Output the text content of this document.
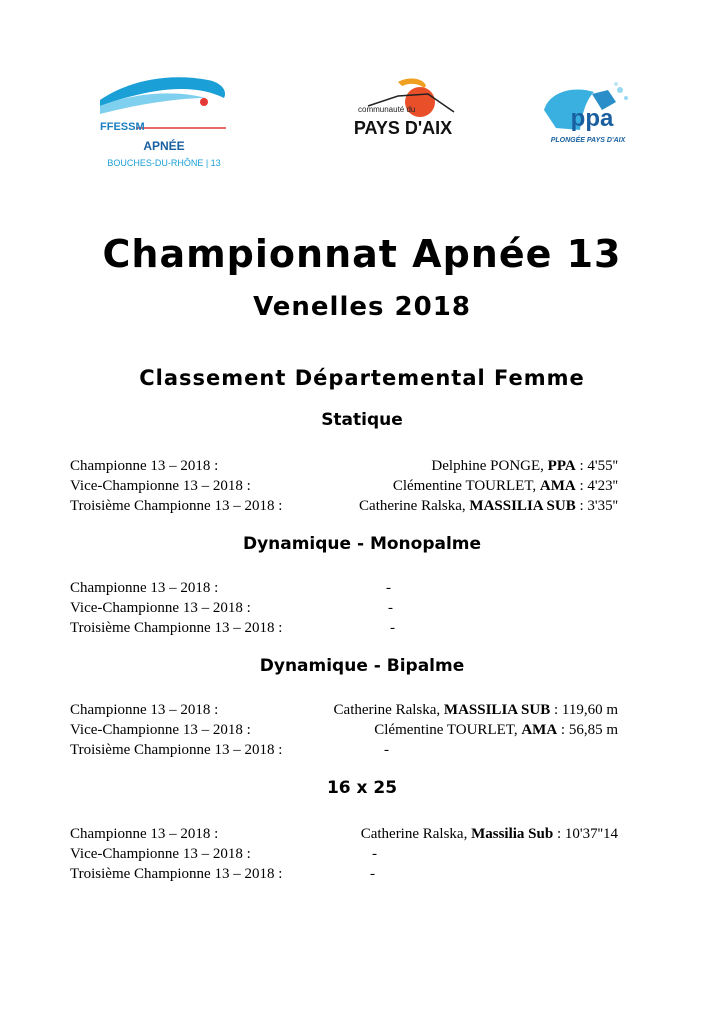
FFESSM
APNÉE
BOUCHES-DU-RHÔNE | 13
communauté du
PAYS D'AIX	ppa
PLONGÉE PAYS D'AIX
Championnat Apnée 13
Venelles 2018
Classement Départemental Femme
Statique
Championne 13 – 2018 :	Delphine PONGE, PPA : 4'55''
Vice-Championne 13 – 2018 :	Clémentine TOURLET, AMA : 4'23''
Troisième Championne 13 – 2018 :	Catherine Ralska, MASSILIA SUB : 3'35''
Dynamique - Monopalme
Championne 13 – 2018 :	-
Vice-Championne 13 – 2018 :	-
Troisième Championne 13 – 2018 :	-
Dynamique - Bipalme
Championne 13 – 2018 :	Catherine Ralska, MASSILIA SUB : 119,60 m
Vice-Championne 13 – 2018 :	Clémentine TOURLET, AMA : 56,85 m
Troisième Championne 13 – 2018 :	-
16 x 25
Championne 13 – 2018 :	Catherine Ralska, Massilia Sub : 10'37''14
Vice-Championne 13 – 2018 :	-
Troisième Championne 13 – 2018 :	-
